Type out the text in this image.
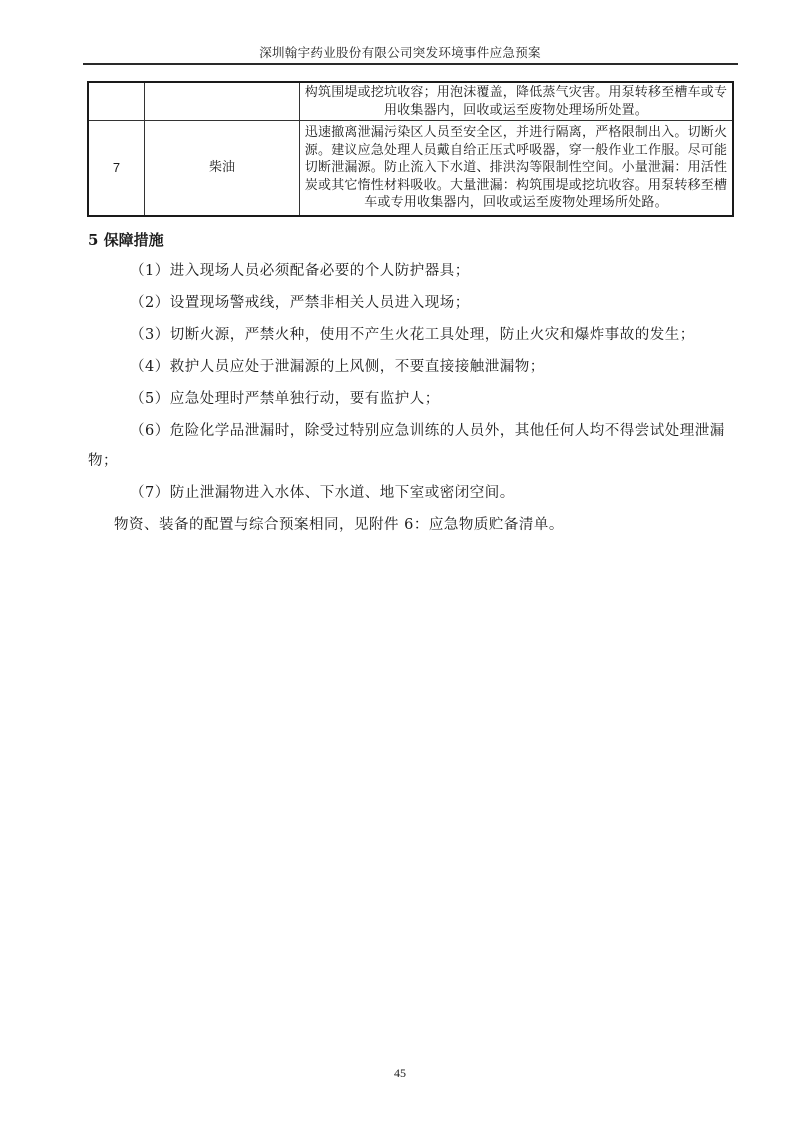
深圳翰宇药业股份有限公司突发环境事件应急预案
		构筑围堤或挖坑收容；用泡沫覆盖，降低蒸气灾害。用泵转移至槽车或专用收集器内，回收或运至废物处理场所处置。
7	柴油	迅速撤离泄漏污染区人员至安全区，并进行隔离，严格限制出入。切断火源。建议应急处理人员戴自给正压式呼吸器，穿一般作业工作服。尽可能切断泄漏源。防止流入下水道、排洪沟等限制性空间。小量泄漏：用活性炭或其它惰性材料吸收。大量泄漏：构筑围堤或挖坑收容。用泵转移至槽车或专用收集器内，回收或运至废物处理场所处路。
5 保障措施
（1）进入现场人员必须配备必要的个人防护器具；
（2）设置现场警戒线，严禁非相关人员进入现场；
（3）切断火源，严禁火种，使用不产生火花工具处理，防止火灾和爆炸事故的发生；
（4）救护人员应处于泄漏源的上风侧，不要直接接触泄漏物；
（5）应急处理时严禁单独行动，要有监护人；
（6）危险化学品泄漏时，除受过特别应急训练的人员外，其他任何人均不得尝试处理泄漏物；
（7）防止泄漏物进入水体、下水道、地下室或密闭空间。
物资、装备的配置与综合预案相同，见附件 6：应急物质贮备清单。
45
